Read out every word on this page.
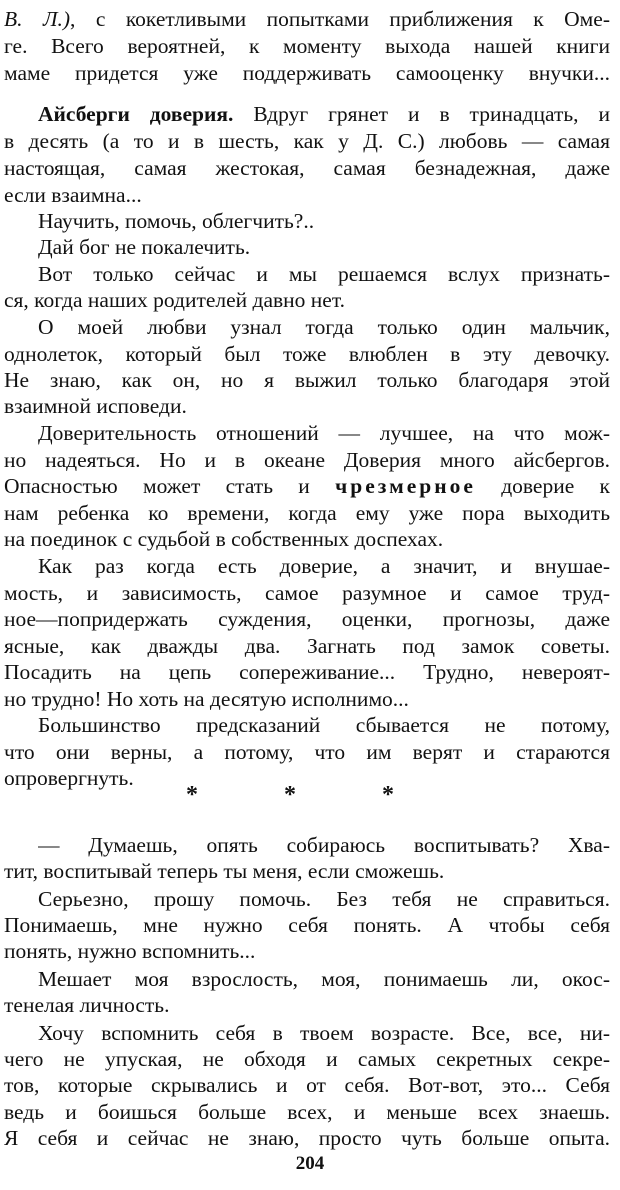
В. Л.), с кокетливыми попытками приближения к Оме-
ге. Всего вероятней, к моменту выхода нашей книги
маме придется уже поддерживать самооценку внучки...
Айсберги доверия. Вдруг грянет и в тринадцать, и
в десять (а то и в шесть, как у Д. С.) любовь — самая
настоящая, самая жестокая, самая безнадежная, даже
если взаимна...
Научить, помочь, облегчить?..
Дай бог не покалечить.
Вот только сейчас и мы решаемся вслух признать-
ся, когда наших родителей давно нет.
О моей любви узнал тогда только один мальчик,
однолеток, который был тоже влюблен в эту девочку.
Не знаю, как он, но я выжил только благодаря этой
взаимной исповеди.
Доверительность отношений — лучшее, на что мож-
но надеяться. Но и в океане Доверия много айсбергов.
Опасностью может стать и чрезмерное доверие к
нам ребенка ко времени, когда ему уже пора выходить
на поединок с судьбой в собственных доспехах.
Как раз когда есть доверие, а значит, и внушае-
мость, и зависимость, самое разумное и самое труд-
ное—попридержать суждения, оценки, прогнозы, даже
ясные, как дважды два. Загнать под замок советы.
Посадить на цепь сопереживание... Трудно, невероят-
но трудно! Но хоть на десятую исполнимо...
Большинство предсказаний сбывается не потому,
что они верны, а потому, что им верят и стараются
опровергнуть.
* * *
— Думаешь, опять собираюсь воспитывать? Хва-
тит, воспитывай теперь ты меня, если сможешь.
Серьезно, прошу помочь. Без тебя не справиться.
Понимаешь, мне нужно себя понять. А чтобы себя
понять, нужно вспомнить...
Мешает моя взрослость, моя, понимаешь ли, окос-
тенелая личность.
Хочу вспомнить себя в твоем возрасте. Все, все, ни-
чего не упуская, не обходя и самых секретных секре-
тов, которые скрывались и от себя. Вот-вот, это... Себя
ведь и боишься больше всех, и меньше всех знаешь.
204
Я себя и сейчас не знаю, просто чуть больше опыта.
